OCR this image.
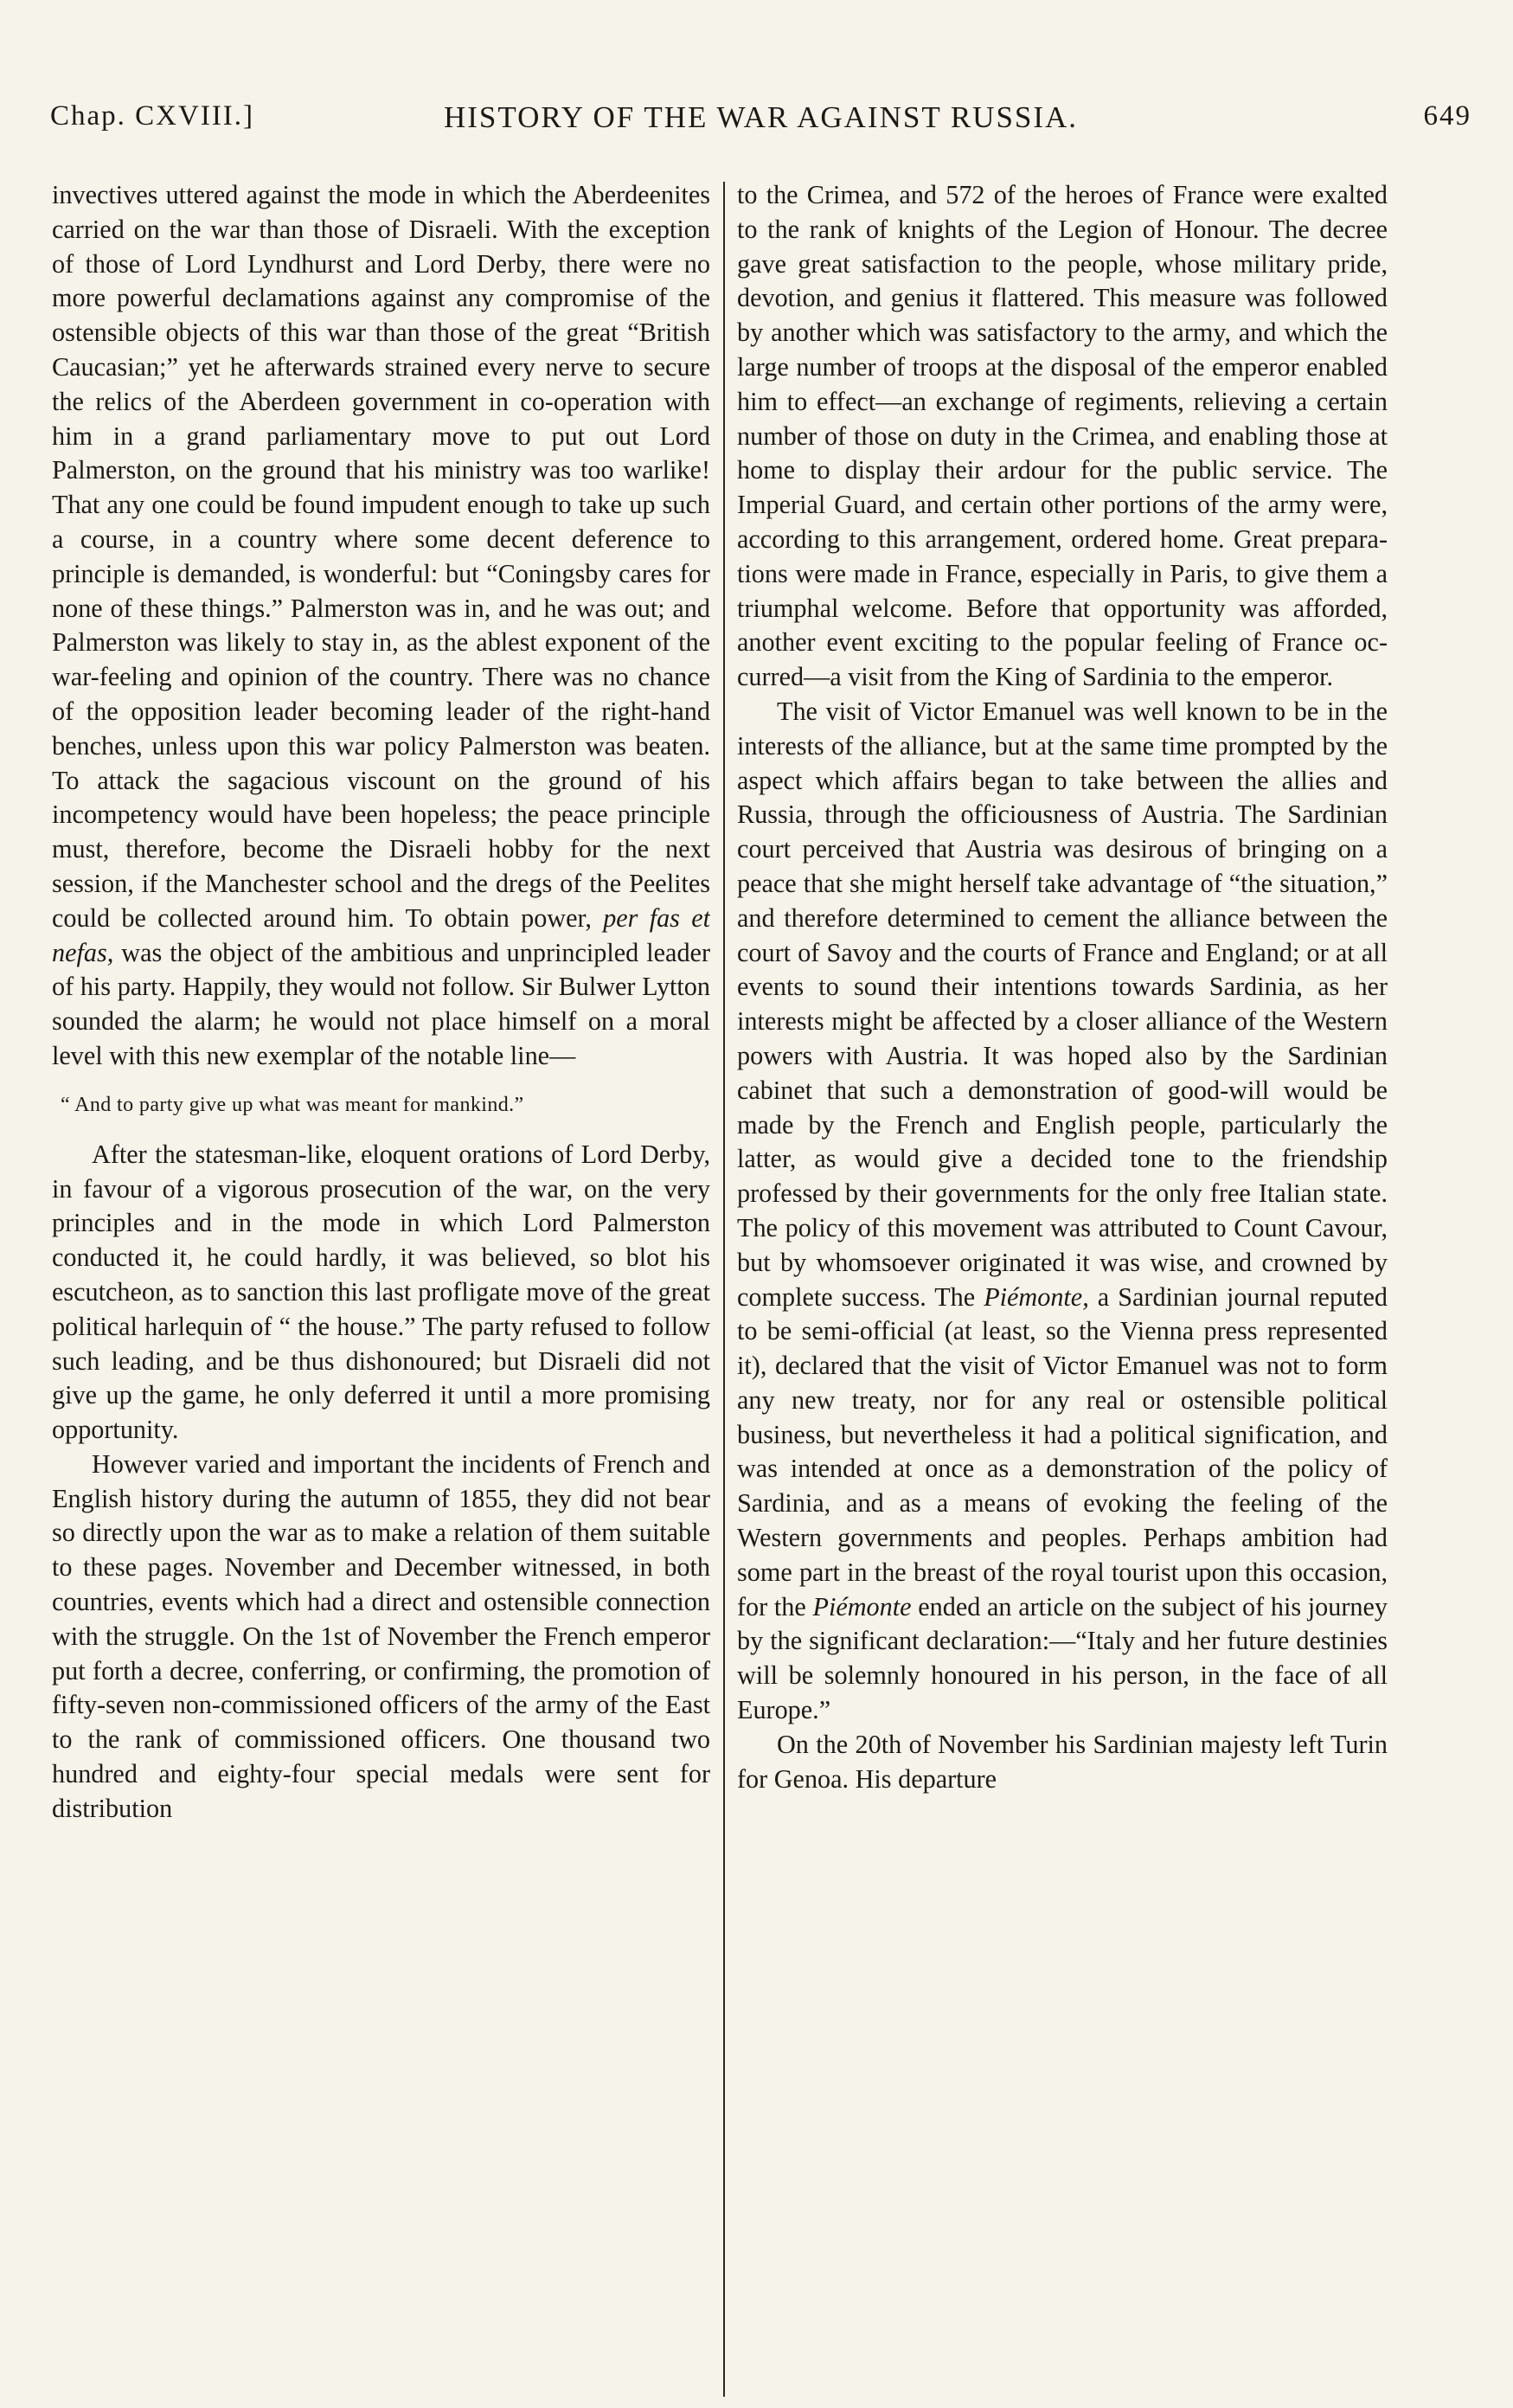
Chap. CXVIII.]	HISTORY OF THE WAR AGAINST RUSSIA.	649

invectives uttered against the mode in which the Aberdeenites carried on the war than those of Disraeli. With the exception of those of Lord Lyndhurst and Lord Derby, there were no more powerful declamations against any compromise of the ostensible objects of this war than those of the great “British Caucasian;” yet he afterwards strained every nerve to secure the relics of the Aberdeen government in co-operation with him in a grand parliamentary move to put out Lord Palmerston, on the ground that his ministry was too warlike! That any one could be found impudent enough to take up such a course, in a country where some decent deference to principle is demanded, is wonderful: but “Coningsby cares for none of these things.” Palmerston was in, and he was out; and Palmerston was likely to stay in, as the ablest exponent of the war-feeling and opinion of the country. There was no chance of the opposition leader becoming leader of the right-hand benches, unless upon this war policy Palmerston was beaten. To attack the sagacious viscount on the ground of his incompetency would have been hopeless; the peace principle must, therefore, become the Disraeli hobby for the next session, if the Manchester school and the dregs of the Peelites could be collected around him. To obtain power, per fas et nefas, was the object of the ambitious and unprincipled leader of his party. Happily, they would not follow. Sir Bulwer Lytton sounded the alarm; he would not place himself on a moral level with this new exemplar of the notable line—

“ And to party give up what was meant for mankind.”

After the statesman-like, eloquent orations of Lord Derby, in favour of a vigorous prosecution of the war, on the very principles and in the mode in which Lord Palmerston conducted it, he could hardly, it was believed, so blot his escutcheon, as to sanction this last profligate move of the great political harlequin of “ the house.” The party refused to follow such leading, and be thus dishonoured; but Disraeli did not give up the game, he only deferred it until a more promising opportunity.

However varied and important the incidents of French and English history during the autumn of 1855, they did not bear so directly upon the war as to make a relation of them suitable to these pages. November and December witnessed, in both countries, events which had a direct and ostensible connection with the struggle. On the 1st of November the French emperor put forth a decree, conferring, or confirming, the promotion of fifty-seven non-commissioned officers of the army of the East to the rank of commissioned officers. One thousand two hundred and eighty-four special medals were sent for distribution

to the Crimea, and 572 of the heroes of France were exalted to the rank of knights of the Legion of Honour. The decree gave great satisfaction to the people, whose military pride, devotion, and genius it flattered. This measure was followed by another which was satisfactory to the army, and which the large number of troops at the disposal of the emperor enabled him to effect—an exchange of regiments, relieving a certain number of those on duty in the Crimea, and enabling those at home to display their ardour for the public service. The Imperial Guard, and certain other portions of the army were, according to this arrangement, ordered home. Great preparations were made in France, especially in Paris, to give them a triumphal welcome. Before that opportunity was afforded, another event exciting to the popular feeling of France occurred—a visit from the King of Sardinia to the emperor.

The visit of Victor Emanuel was well known to be in the interests of the alliance, but at the same time prompted by the aspect which affairs began to take between the allies and Russia, through the officiousness of Austria. The Sardinian court perceived that Austria was desirous of bringing on a peace that she might herself take advantage of “the situation,” and therefore determined to cement the alliance between the court of Savoy and the courts of France and England; or at all events to sound their intentions towards Sardinia, as her interests might be affected by a closer alliance of the Western powers with Austria. It was hoped also by the Sardinian cabinet that such a demonstration of good-will would be made by the French and English people, particularly the latter, as would give a decided tone to the friendship professed by their governments for the only free Italian state. The policy of this movement was attributed to Count Cavour, but by whomsoever originated it was wise, and crowned by complete success. The Piémonte, a Sardinian journal reputed to be semi-official (at least, so the Vienna press represented it), declared that the visit of Victor Emanuel was not to form any new treaty, nor for any real or ostensible political business, but nevertheless it had a political signification, and was intended at once as a demonstration of the policy of Sardinia, and as a means of evoking the feeling of the Western governments and peoples. Perhaps ambition had some part in the breast of the royal tourist upon this occasion, for the Piémonte ended an article on the subject of his journey by the significant declaration:—“Italy and her future destinies will be solemnly honoured in his person, in the face of all Europe.”

On the 20th of November his Sardinian majesty left Turin for Genoa. His departure
